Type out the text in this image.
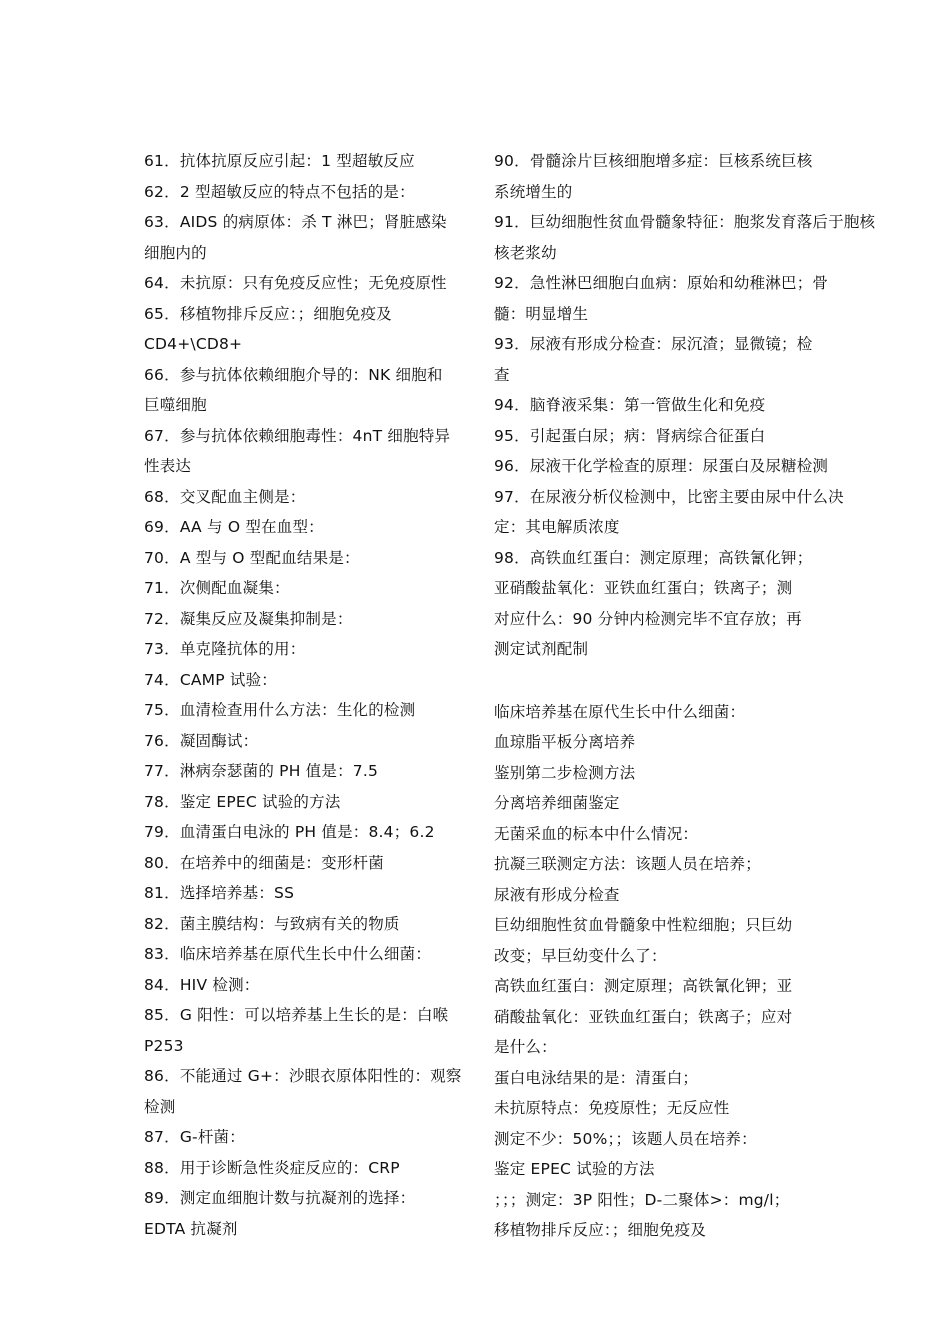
61．抗体抗原反应引起：1 型超敏反应
62．2 型超敏反应的特点不包括的是：
63．AIDS 的病原体：杀 T 淋巴；肾脏感染
细胞内的
64．未抗原：只有免疫反应性；无免疫原性
65．移植物排斥反应：；细胞免疫及
CD4+\CD8+
66．参与抗体依赖细胞介导的：NK 细胞和
巨噬细胞
67．参与抗体依赖细胞毒性：4nT 细胞特异
性表达
68．交叉配血主侧是：
69．AA 与 O 型在血型：
70．A 型与 O 型配血结果是：
71．次侧配血凝集：
72．凝集反应及凝集抑制是：
73．单克隆抗体的用：
74．CAMP 试验：
75．血清检查用什么方法：生化的检测
76．凝固酶试：
77．淋病奈瑟菌的 PH 值是：7.5
78．鉴定 EPEC 试验的方法
79．血清蛋白电泳的 PH 值是：8.4；6.2
80．在培养中的细菌是：变形杆菌
81．选择培养基：SS
82．菌主膜结构：与致病有关的物质
83．临床培养基在原代生长中什么细菌：
84．HIV 检测：
85．G 阳性：可以培养基上生长的是：白喉
P253
86．不能通过 G+：沙眼衣原体阳性的：观察
检测
87．G-杆菌：
88．用于诊断急性炎症反应的：CRP
89．测定血细胞计数与抗凝剂的选择：
EDTA 抗凝剂
90．骨髓涂片巨核细胞增多症：巨核系统巨核
系统增生的
91．巨幼细胞性贫血骨髓象特征：胞浆发育落后于胞核
核老浆幼
92．急性淋巴细胞白血病：原始和幼稚淋巴；骨
髓：明显增生
93．尿液有形成分检查：尿沉渣；显微镜；检
查
94．脑脊液采集：第一管做生化和免疫
95．引起蛋白尿；病：肾病综合征蛋白
96．尿液干化学检查的原理：尿蛋白及尿糖检测
97．在尿液分析仪检测中，比密主要由尿中什么决
定：其电解质浓度
98．高铁血红蛋白：测定原理；高铁氰化钾；
亚硝酸盐氧化：亚铁血红蛋白；铁离子；测
对应什么：90 分钟内检测完毕不宜存放；再
测定试剂配制
临床培养基在原代生长中什么细菌：
血琼脂平板分离培养
鉴别第二步检测方法
分离培养细菌鉴定
无菌采血的标本中什么情况：
抗凝三联测定方法：该题人员在培养；
尿液有形成分检查
巨幼细胞性贫血骨髓象中性粒细胞；只巨幼
改变；早巨幼变什么了：
高铁血红蛋白：测定原理；高铁氰化钾；亚
硝酸盐氧化：亚铁血红蛋白；铁离子；应对
是什么：
蛋白电泳结果的是：清蛋白；
未抗原特点：免疫原性；无反应性
测定不少：50%；；该题人员在培养：
鉴定 EPEC 试验的方法
；；；测定：3P 阳性；D-二聚体>：mg/l；
移植物排斥反应：；细胞免疫及
